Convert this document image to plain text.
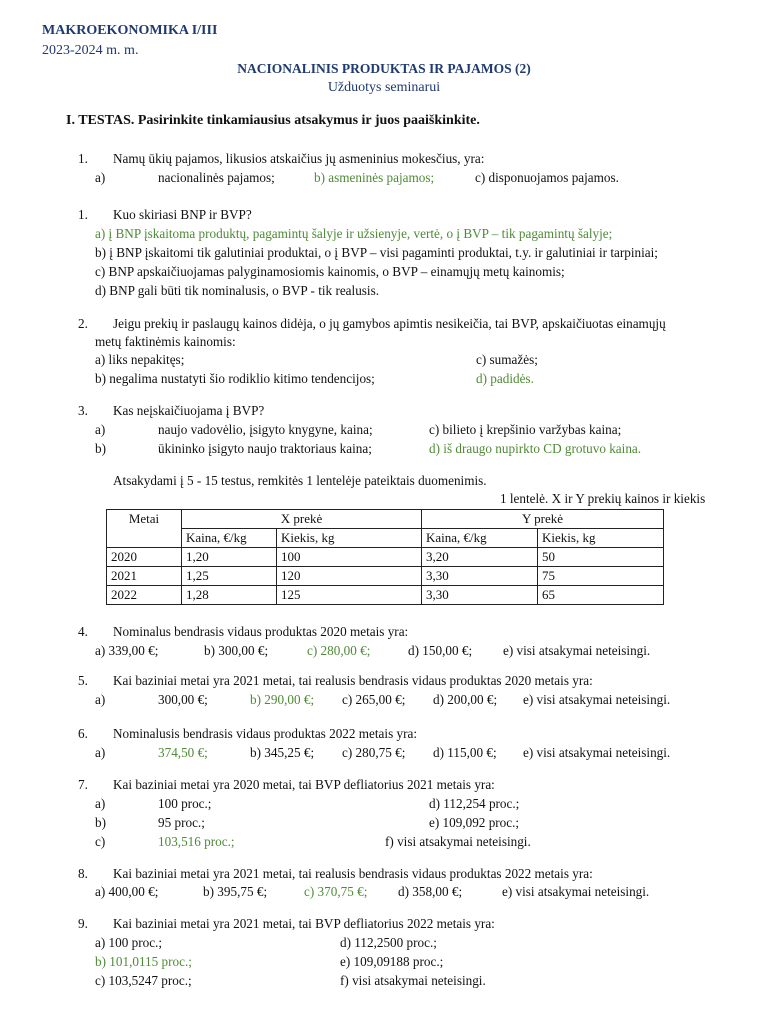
MAKROEKONOMIKA I/III
2023-2024 m. m.
NACIONALINIS PRODUKTAS IR PAJAMOS (2)
Užduotys seminarui
I. TESTAS. Pasirinkite tinkamiausius atsakymus ir juos paaiškinkite.
1. Namų ūkių pajamos, likusios atskaičius jų asmeninius mokesčius, yra:
a)	nacionalinės pajamos;	b) asmeninės pajamos;	c) disponuojamos pajamos.
1. Kuo skiriasi BNP ir BVP?
a) į BNP įskaitoma produktų, pagamintų šalyje ir užsienyje, vertė, o į BVP – tik pagamintų šalyje;
b) į BNP įskaitomi tik galutiniai produktai, o į BVP – visi pagaminti produktai, t.y. ir galutiniai ir tarpiniai;
c) BNP apskaičiuojamas palyginamosiomis kainomis, o BVP – einamųjų metų kainomis;
d) BNP gali būti tik nominalusis, o BVP - tik realusis.
2. Jeigu prekių ir paslaugų kainos didėja, o jų gamybos apimtis nesikeičia, tai BVP, apskaičiuotas einamųjų
metų faktinėmis kainomis:
a) liks nepakitęs;
b) negalima nustatyti šio rodiklio kitimo tendencijos;
c) sumažės;
d) padidės.
3. Kas neįskaičiuojama į BVP?
a)	naujo vadovėlio, įsigyto knygyne, kaina;
b)	ūkininko įsigyto naujo traktoriaus kaina;
c) bilieto į krepšinio varžybas kaina;
d) iš draugo nupirkto CD grotuvo kaina.
Atsakydami į 5 - 15 testus, remkitės 1 lentelėje pateiktais duomenimis.
1 lentelė. X ir Y prekių kainos ir kiekis
Metai	X prekė		Y prekė	
	Kaina, €/kg	Kiekis, kg	Kaina, €/kg	Kiekis, kg
2020	1,20	100	3,20	50
2021	1,25	120	3,30	75
2022	1,28	125	3,30	65
4. Nominalus bendrasis vidaus produktas 2020 metais yra:
a) 339,00 €;	b) 300,00 €;	c) 280,00 €;	d) 150,00 €; e) visi atsakymai neteisingi.
5. Kai baziniai metai yra 2021 metai, tai realusis bendrasis vidaus produktas 2020 metais yra:
a)	300,00 €;	b) 290,00 €; c) 265,00 €; d) 200,00 €; e) visi atsakymai neteisingi.
6. Nominalusis bendrasis vidaus produktas 2022 metais yra:
a)	374,50 €;	b) 345,25 €; c) 280,75 €; d) 115,00 €; e) visi atsakymai neteisingi.
7. Kai baziniai metai yra 2020 metai, tai BVP defliatorius 2021 metais yra:
a)	100 proc.;
b)	95 proc.;
c)	103,516 proc.;
d) 112,254 proc.;
e) 109,092 proc.;
f) visi atsakymai neteisingi.
8. Kai baziniai metai yra 2021 metai, tai realusis bendrasis vidaus produktas 2022 metais yra:
a) 400,00 €;	b) 395,75 €;	c) 370,75 €; d) 358,00 €;	e) visi atsakymai neteisingi.
9. Kai baziniai metai yra 2021 metai, tai BVP defliatorius 2022 metais yra:
a) 100 proc.;
b) 101,0115 proc.;
c) 103,5247 proc.;
d) 112,2500 proc.;
e) 109,09188 proc.;
f) visi atsakymai neteisingi.
